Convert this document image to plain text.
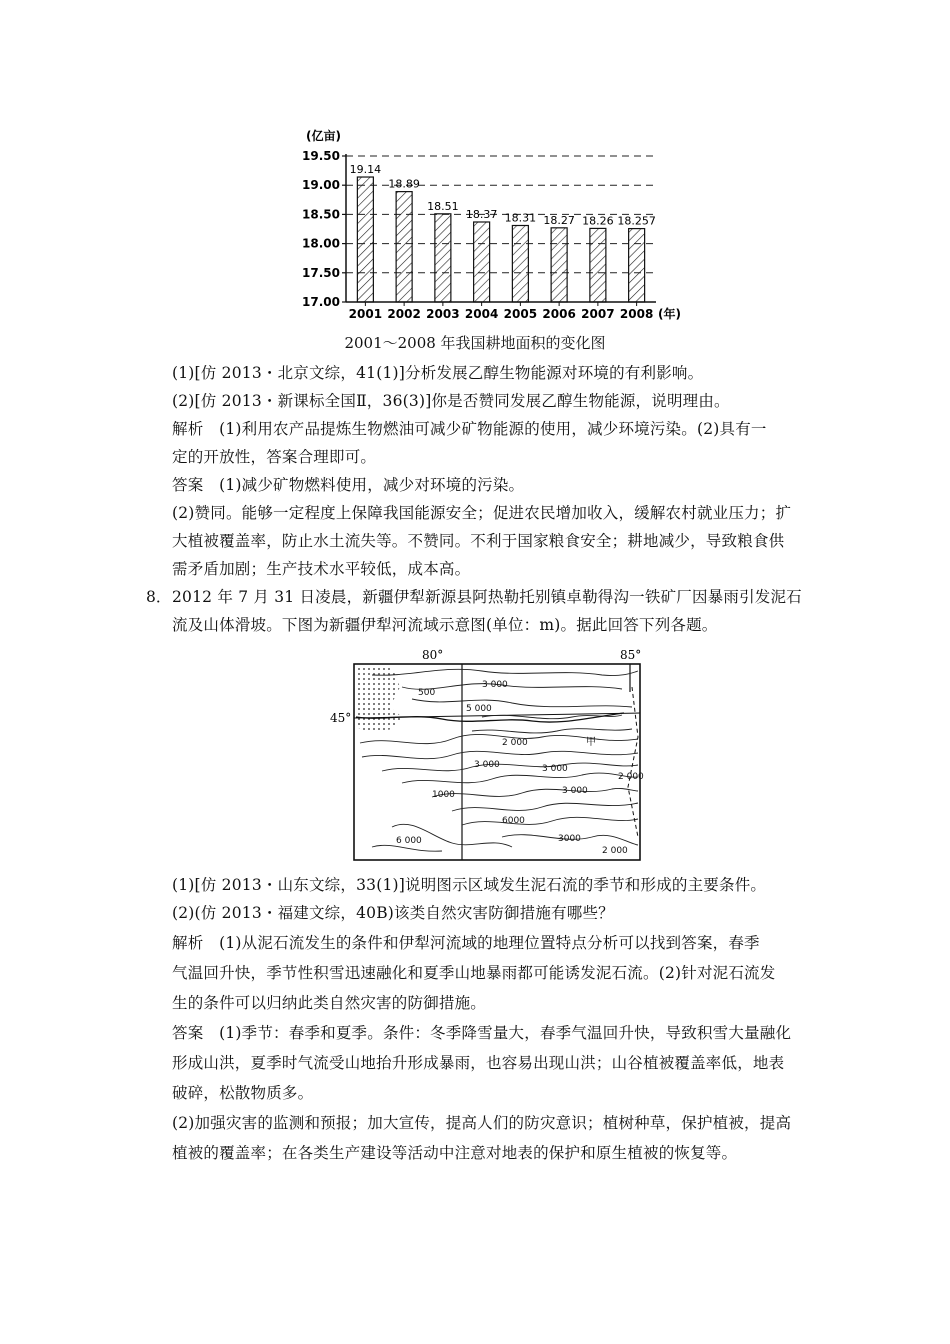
(亿亩)
19.50
19.00
18.50
18.00
17.50
17.00
19.14
2001
18.89
2002
18.51
2003
18.37
2004
18.31
2005
18.27
2006
18.26
2007
18.257
2008 (年)
2001～2008 年我国耕地面积的变化图
(1)[仿 2013・北京文综，41(1)]分析发展乙醇生物能源对环境的有利影响。
(2)[仿 2013・新课标全国Ⅱ，36(3)]你是否赞同发展乙醇生物能源，说明理由。
解析　(1)利用农产品提炼生物燃油可减少矿物能源的使用，减少环境污染。(2)具有一
定的开放性，答案合理即可。
答案　(1)减少矿物燃料使用，减少对环境的污染。
(2)赞同。能够一定程度上保障我国能源安全；促进农民增加收入，缓解农村就业压力；扩
大植被覆盖率，防止水土流失等。不赞同。不利于国家粮食安全；耕地减少，导致粮食供
需矛盾加剧；生产技术水平较低，成本高。
8． 2012 年 7 月 31 日凌晨，新疆伊犁新源县阿热勒托别镇卓勒得沟一铁矿厂因暴雨引发泥石
流及山体滑坡。下图为新疆伊犁河流域示意图(单位：m)。据此回答下列各题。
80°	85°
45°
500
3 000
5 000
2 000
3 000	3 000
3 000
2 000
6000
3000
2 000
6 000
1000
甲
(1)[仿 2013・山东文综，33(1)]说明图示区域发生泥石流的季节和形成的主要条件。
(2)(仿 2013・福建文综，40B)该类自然灾害防御措施有哪些？
解析　(1)从泥石流发生的条件和伊犁河流域的地理位置特点分析可以找到答案，春季
气温回升快，季节性积雪迅速融化和夏季山地暴雨都可能诱发泥石流。(2)针对泥石流发
生的条件可以归纳此类自然灾害的防御措施。
答案　(1)季节：春季和夏季。条件：冬季降雪量大，春季气温回升快，导致积雪大量融化
形成山洪，夏季时气流受山地抬升形成暴雨，也容易出现山洪；山谷植被覆盖率低，地表
破碎，松散物质多。
(2)加强灾害的监测和预报；加大宣传，提高人们的防灾意识；植树种草，保护植被，提高
植被的覆盖率；在各类生产建设等活动中注意对地表的保护和原生植被的恢复等。
